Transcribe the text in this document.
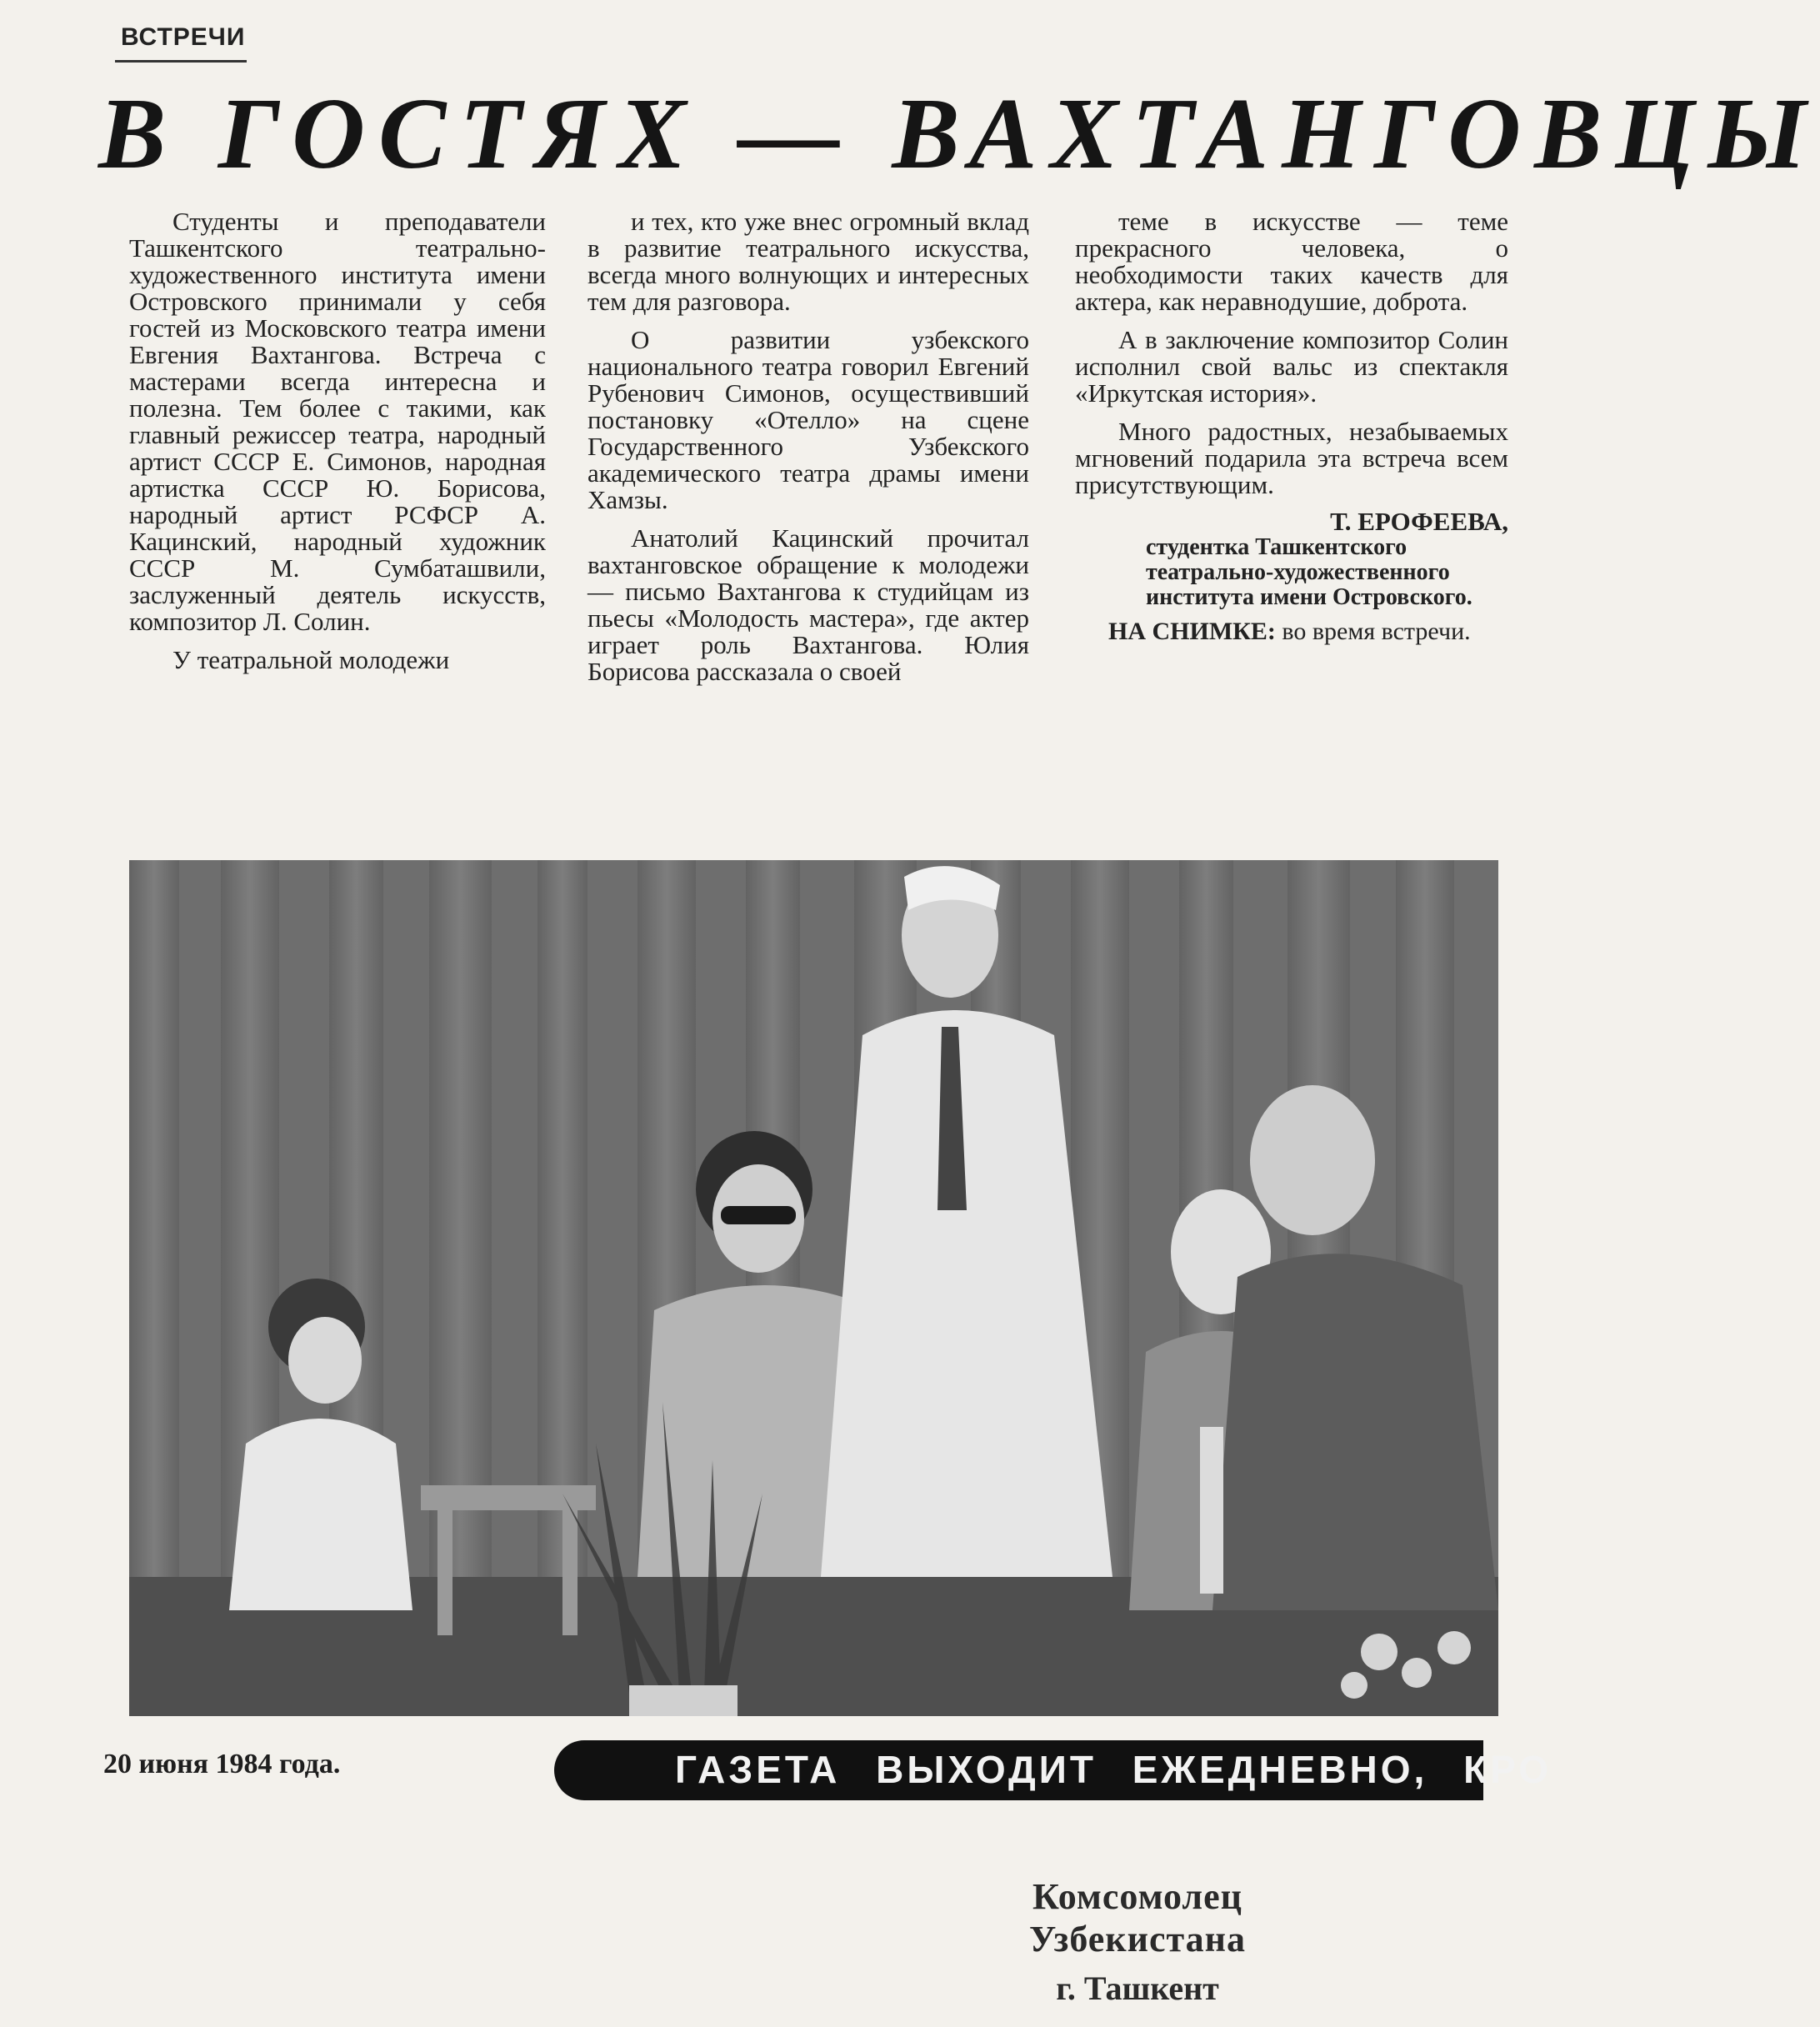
ВСТРЕЧИ
В ГОСТЯХ — ВАХТАНГОВЦЫ

Студенты и преподаватели Ташкентского театрально-художественного института имени Островского принимали у себя гостей из Московского театра имени Евгения Вахтангова. Встреча с мастерами всегда интересна и полезна. Тем более с такими, как главный режиссер театра, народный артист СССР Е. Симонов, народная артистка СССР Ю. Борисова, народный артист РСФСР А. Кацинский, народный художник СССР М. Сумбаташвили, заслуженный деятель искусств, композитор Л. Солин.

У театральной молодежи

и тех, кто уже внес огромный вклад в развитие театрального искусства, всегда много волнующих и интересных тем для разговора.

О развитии узбекского национального театра говорил Евгений Рубенович Симонов, осуществивший постановку «Отелло» на сцене Государственного Узбекского академического театра драмы имени Хамзы.

Анатолий Кацинский прочитал вахтанговское обращение к молодежи — письмо Вахтангова к студийцам из пьесы «Молодость мастера», где актер играет роль Вахтангова. Юлия Борисова рассказала о своей

теме в искусстве — теме прекрасного человека, о необходимости таких качеств для актера, как неравнодушие, доброта.

А в заключение композитор Солин исполнил свой вальс из спектакля «Иркутская история».

Много радостных, незабываемых мгновений подарила эта встреча всем присутствующим.

Т. ЕРОФЕЕВА,
студентка Ташкентского театрально-художественного института имени Островского.
НА СНИМКЕ: во время встречи.
20 июня 1984 года.	ГАЗЕТА ВЫХОДИТ ЕЖЕДНЕВНО, КРО
Комсомолец Узбекистана
г. Ташкент
